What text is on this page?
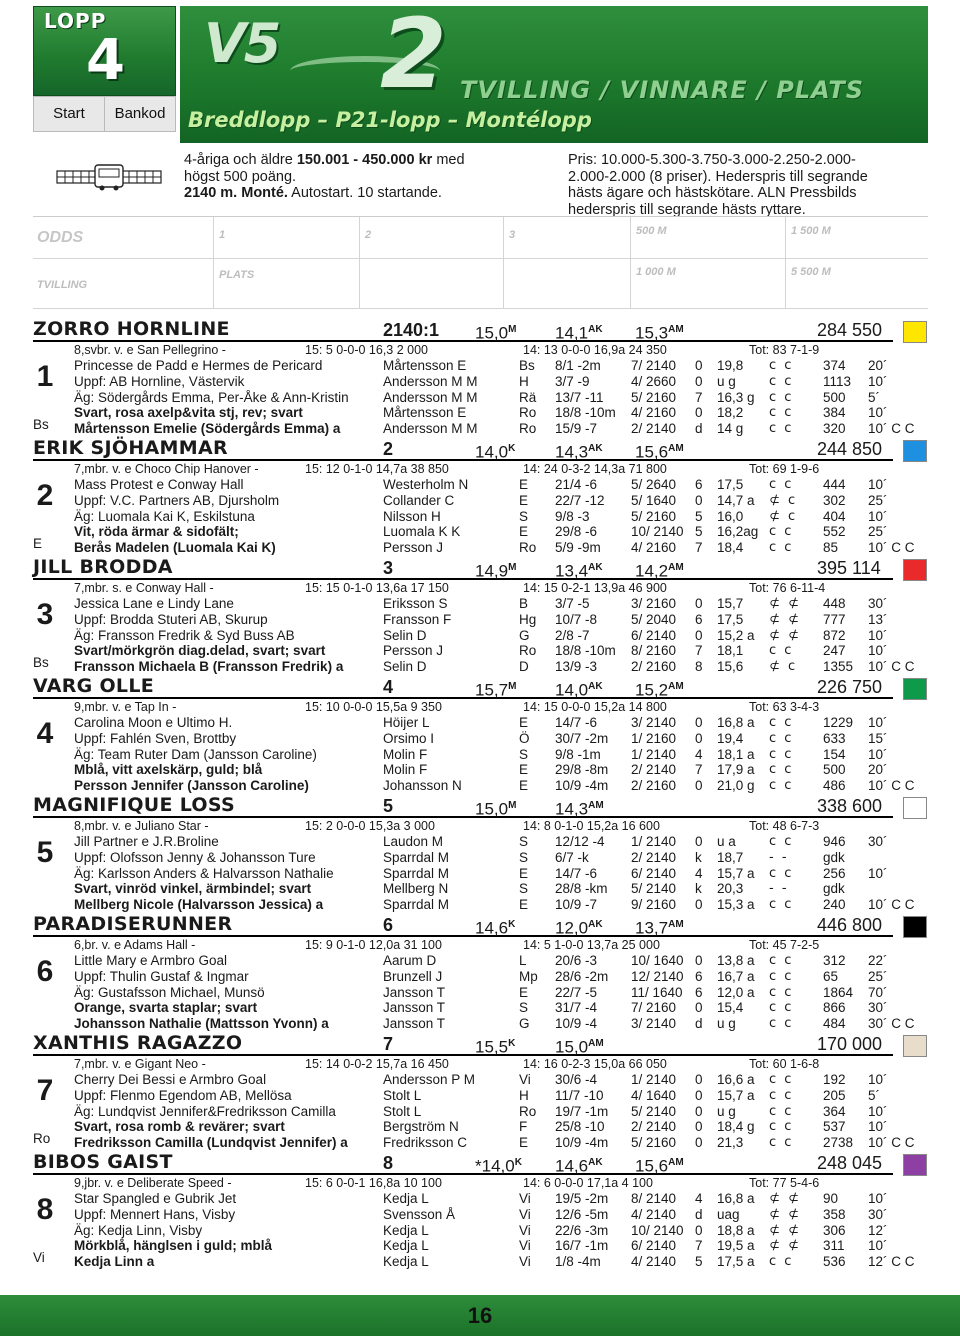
LOPP
4
Start	Bankod
V5 2 TVILLING / VINNARE / PLATS
Breddlopp – P21-lopp – Montélopp
4-åriga och äldre 150.001 - 450.000 kr med
högst 500 poäng.
2140 m. Monté. Autostart. 10 startande.
Pris: 10.000-5.300-3.750-3.000-2.250-2.000-
2.000-2.000 (8 priser). Hederspris till segrande
hästs ägare och hästskötare. ALN Pressbilds
hederspris till segrande hästs ryttare.
ODDS	1	2	3	500 M	1 500 M
TVILLING
PLATS	1 000 M	5 500 M
ZORRO HORNLINE	2140:1 $15,0^M$ $14,1^{AK}$ $15,3^{AM}$	284 550
1
Bs
8,svbr. v. e San Pellegrino -	15: 5 0-0-0 16,3 2 000	14: 13 0-0-0 16,9a 24 350	Tot: 83 7-1-9
Princesse de Padd e Hermes de Pericard	Mårtensson E	Bs 8/1 -2m 7/ 2140 0 19,8 c c 374 20´
Uppf: AB Hornline, Västervik	Andersson M M	H 3/7 -9	4/ 2660 0 u g	c c 1113 10´
Äg: Södergårds Emma, Per-Åke & Ann-Kristin	Andersson M M	Rä 13/7 -11 5/ 2160 7 16,3 g c c 500 5´
Svart, rosa axelp&vita stj, rev; svart	Mårtensson E	Ro 18/8 -10m 4/ 2160 0 18,2 c c 384 10´
Mårtensson Emelie (Södergårds Emma) a	Andersson M M	Ro 15/9 -7	2/ 2140 d 14 g c c 320 10´ C C
ERIK SJÖHAMMAR	2	$14,0^K$ $14,3^{AK}$ $15,6^{AM}$	244 850
2
E
7,mbr. v. e Choco Chip Hanover -	15: 12 0-1-0 14,7a 38 850	14: 24 0-3-2 14,3a 71 800	Tot: 69 1-9-6
Mass Protest e Conway Hall	Westerholm N	E 21/4 -6	5/ 2640 6 17,5 c c 444 10´
Uppf: V.C. Partners AB, Djursholm	Collander C	E 22/7 -12 5/ 1640 0 14,7 a ⊄ c 302 25´
Äg: Luomala Kai K, Eskilstuna	Nilsson H	S 9/8 -3	5/ 2160 5 16,0 ⊄ c 404 10´
Vit, röda ärmar & sidofält;	Luomala K K	E 29/8 -6	10/ 2140 5 16,2ag c c 552 25´
Berås Madelen (Luomala Kai K)	Persson J	Ro 5/9 -9m 4/ 2160 7 18,4 c c 85 10´ C C
JILL BRODDA	3	$14,9^M$ $13,4^{AK}$ $14,2^{AM}$	395 114
3
Bs
7,mbr. s. e Conway Hall -	15: 15 0-1-0 13,6a 17 150	14: 15 0-2-1 13,9a 46 900	Tot: 76 6-11-4
Jessica Lane e Lindy Lane	Eriksson S	B 3/7 -5	3/ 2160 0 15,7 ⊄ ⊄ 448 30´
Uppf: Brodda Stuteri AB, Skurup	Fransson F	Hg 10/7 -8	5/ 2040 6 17,5 ⊄ ⊄ 777 13´
Äg: Fransson Fredrik & Syd Buss AB	Selin D	G 2/8 -7	6/ 2140 0 15,2 a ⊄ ⊄ 872 10´
Svart/mörkgrön diag.delad, svart; svart	Persson J	Ro 18/8 -10m 8/ 2160 7 18,1 c c 247 10´
Fransson Michaela B (Fransson Fredrik) a	Selin D	D 13/9 -3	2/ 2160 8 15,6 ⊄ c 1355 10´ C C
VARG OLLE	4	$15,7^M$ $14,0^{AK}$ $15,2^{AM}$	226 750
4
9,mbr. v. e Tap In -	15: 10 0-0-0 15,5a 9 350	14: 15 0-0-0 15,2a 14 800	Tot: 63 3-4-3
Carolina Moon e Ultimo H.	Höijer L	E 14/7 -6	3/ 2140 0 16,8 a c c 1229 10´
Uppf: Fahlén Sven, Brottby	Orsimo I	Ö 30/7 -2m 1/ 2160 0 19,4 c c 633 15´
Äg: Team Ruter Dam (Jansson Caroline)	Molin F	S 9/8 -1m 1/ 2140 4 18,1 a c c 154 10´
Mblå, vitt axelskärp, guld; blå	Molin F	E 29/8 -8m 2/ 2140 7 17,9 a c c 500 20´
Persson Jennifer (Jansson Caroline)	Johansson N	E 10/9 -4m 2/ 2160 0 21,0 g c c 486 10´ C C
MAGNIFIQUE LOSS	5	$15,0^M$ $14,3^{AM}$	338 600
5
8,mbr. v. e Juliano Star -	15: 2 0-0-0 15,3a 3 000	14: 8 0-1-0 15,2a 16 600	Tot: 48 6-7-3
Jill Partner e J.R.Broline	Laudon M	S 12/12 -4 1/ 2140 0 u a	c c 946 30´
Uppf: Olofsson Jenny & Johansson Ture	Sparrdal M	S 6/7 -k	2/ 2140 k 18,7 - -	gdk
Äg: Karlsson Anders & Halvarsson Nathalie	Sparrdal M	E 14/7 -6	6/ 2140 4 15,7 a c c 256 10´
Svart, vinröd vinkel, ärmbindel; svart	Mellberg N	S 28/8 -km 5/ 2140 k 20,3 - -	gdk
Mellberg Nicole (Halvarsson Jessica) a	Sparrdal M	E 10/9 -7	9/ 2160 0 15,3 a c c 240 10´ C C
PARADISERUNNER	6	$14,6^K$ $12,0^{AK}$ $13,7^{AM}$	446 800
6
6,br. v. e Adams Hall -	15: 9 0-1-0 12,0a 31 100	14: 5 1-0-0 13,7a 25 000	Tot: 45 7-2-5
Little Mary e Armbro Goal	Aarum D	L 20/6 -3	10/ 1640 0 13,8 a c c 312 22´
Uppf: Thulin Gustaf & Ingmar	Brunzell J	Mp 28/6 -2m 12/ 2140 6 16,7 a c c 65 25´
Äg: Gustafsson Michael, Munsö	Jansson T	E 22/7 -5	11/ 1640 6 12,0 a c c 1864 70´
Orange, svarta staplar; svart	Jansson T	S 31/7 -4	7/ 2160 0 15,4 c c 866 30´
Johansson Nathalie (Mattsson Yvonn) a	Jansson T	G 10/9 -4	3/ 2140 d u g	c c 484 30´ C C
XANTHIS RAGAZZO	7	$15,5^K$ $15,0^{AM}$	170 000
7
Ro
7,mbr. v. e Gigant Neo -	15: 14 0-0-2 15,7a 16 450	14: 16 0-2-3 15,0a 66 050	Tot: 60 1-6-8
Cherry Dei Bessi e Armbro Goal	Andersson P M	Vi 30/6 -4	1/ 2140 0 16,6 a c c 192 10´
Uppf: Flenmo Egendom AB, Mellösa	Stolt L	H 11/7 -10 4/ 1640 0 15,7 a c c 205 5´
Äg: Lundqvist Jennifer&Fredriksson Camilla	Stolt L	Ro 19/7 -1m 5/ 2140 0 u g	c c 364 10´
Svart, rosa romb & revärer; svart	Bergström N	F 25/8 -10 2/ 2140 0 18,4 g c c 537 10´
Fredriksson Camilla (Lundqvist Jennifer) a	Fredriksson C	E 10/9 -4m 5/ 2160 0 21,3 c c 2738 10´ C C
BIBOS GAIST	8	$*14,0^K$ $14,6^{AK}$ $15,6^{AM}$	248 045
8
Vi
9,jbr. v. e Deliberate Speed -	15: 6 0-0-1 16,8a 10 100	14: 6 0-0-0 17,1a 4 100	Tot: 77 5-4-6
Star Spangled e Gubrik Jet	Kedja L	Vi 19/5 -2m 8/ 2140 4 16,8 a ⊄ ⊄ 90 10´
Uppf: Mennert Hans, Visby	Svensson Å	Vi 12/6 -5m 4/ 2140 d uag ⊄ ⊄ 358 30´
Äg: Kedja Linn, Visby	Kedja L	Vi 22/6 -3m 10/ 2140 0 18,8 a ⊄ ⊄ 306 12´
Mörkblå, hänglsen i guld; mblå	Kedja L	Vi 16/7 -1m 6/ 2140 7 19,5 a ⊄ ⊄ 311 10´
Kedja Linn a	Kedja L	Vi 1/8 -4m 4/ 2140 5 17,5 a c c 536 12´ C C
16
